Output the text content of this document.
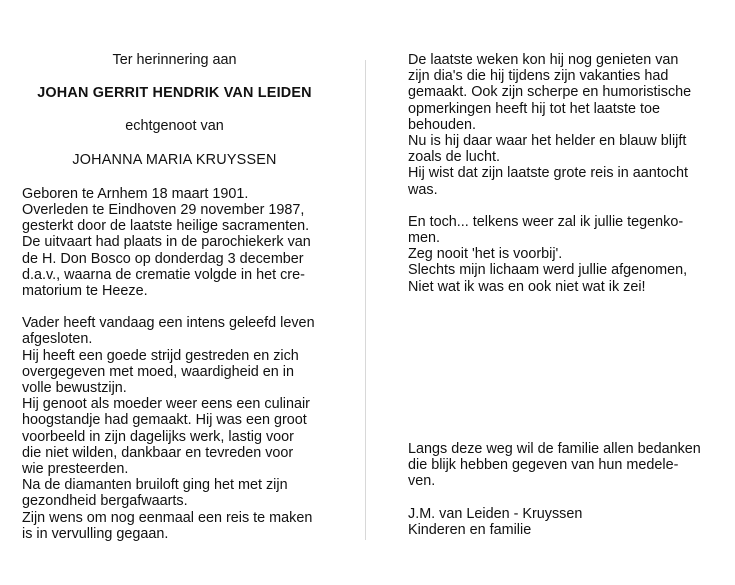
Ter herinnering aan
JOHAN GERRIT HENDRIK VAN LEIDEN
echtgenoot van
JOHANNA MARIA KRUYSSEN
Geboren te Arnhem 18 maart 1901.
Overleden te Eindhoven 29 november 1987,
gesterkt door de laatste heilige sacramenten.
De uitvaart had plaats in de parochiekerk van
de H. Don Bosco op donderdag 3 december
d.a.v., waarna de crematie volgde in het cre-
matorium te Heeze.
Vader heeft vandaag een intens geleefd leven
afgesloten.
Hij heeft een goede strijd gestreden en zich
overgegeven met moed, waardigheid en in
volle bewustzijn.
Hij genoot als moeder weer eens een culinair
hoogstandje had gemaakt. Hij was een groot
voorbeeld in zijn dagelijks werk, lastig voor
die niet wilden, dankbaar en tevreden voor
wie presteerden.
Na de diamanten bruiloft ging het met zijn
gezondheid bergafwaarts.
Zijn wens om nog eenmaal een reis te maken
is in vervulling gegaan.
De laatste weken kon hij nog genieten van
zijn dia's die hij tijdens zijn vakanties had
gemaakt. Ook zijn scherpe en humoristische
opmerkingen heeft hij tot het laatste toe
behouden.
Nu is hij daar waar het helder en blauw blijft
zoals de lucht.
Hij wist dat zijn laatste grote reis in aantocht
was.
En toch... telkens weer zal ik jullie tegenko-
men.
Zeg nooit 'het is voorbij'.
Slechts mijn lichaam werd jullie afgenomen,
Niet wat ik was en ook niet wat ik zei!
Langs deze weg wil de familie allen bedanken
die blijk hebben gegeven van hun medele-
ven.
J.M. van Leiden - Kruyssen
Kinderen en familie
